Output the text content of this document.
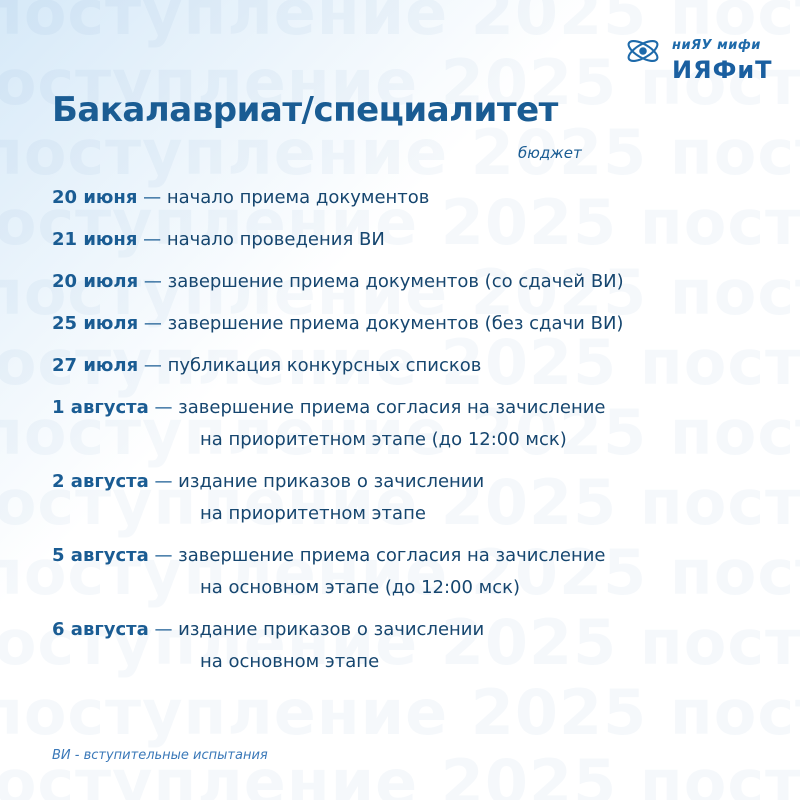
ниЯУ мифи
ИЯФиТ
Бакалавриат/специалитет
бюджет
20 июня — начало приема документов
21 июня — начало проведения ВИ
20 июля — завершение приема документов (со сдачей ВИ)
25 июля — завершение приема документов (без сдачи ВИ)
27 июля — публикация конкурсных списков
1 августа — завершение приема согласия на зачисление
на приоритетном этапе (до 12:00 мск)
2 августа — издание приказов о зачислении
на приоритетном этапе
5 августа — завершение приема согласия на зачисление
на основном этапе (до 12:00 мск)
6 августа — издание приказов о зачислении
на основном этапе
ВИ - вступительные испытания
